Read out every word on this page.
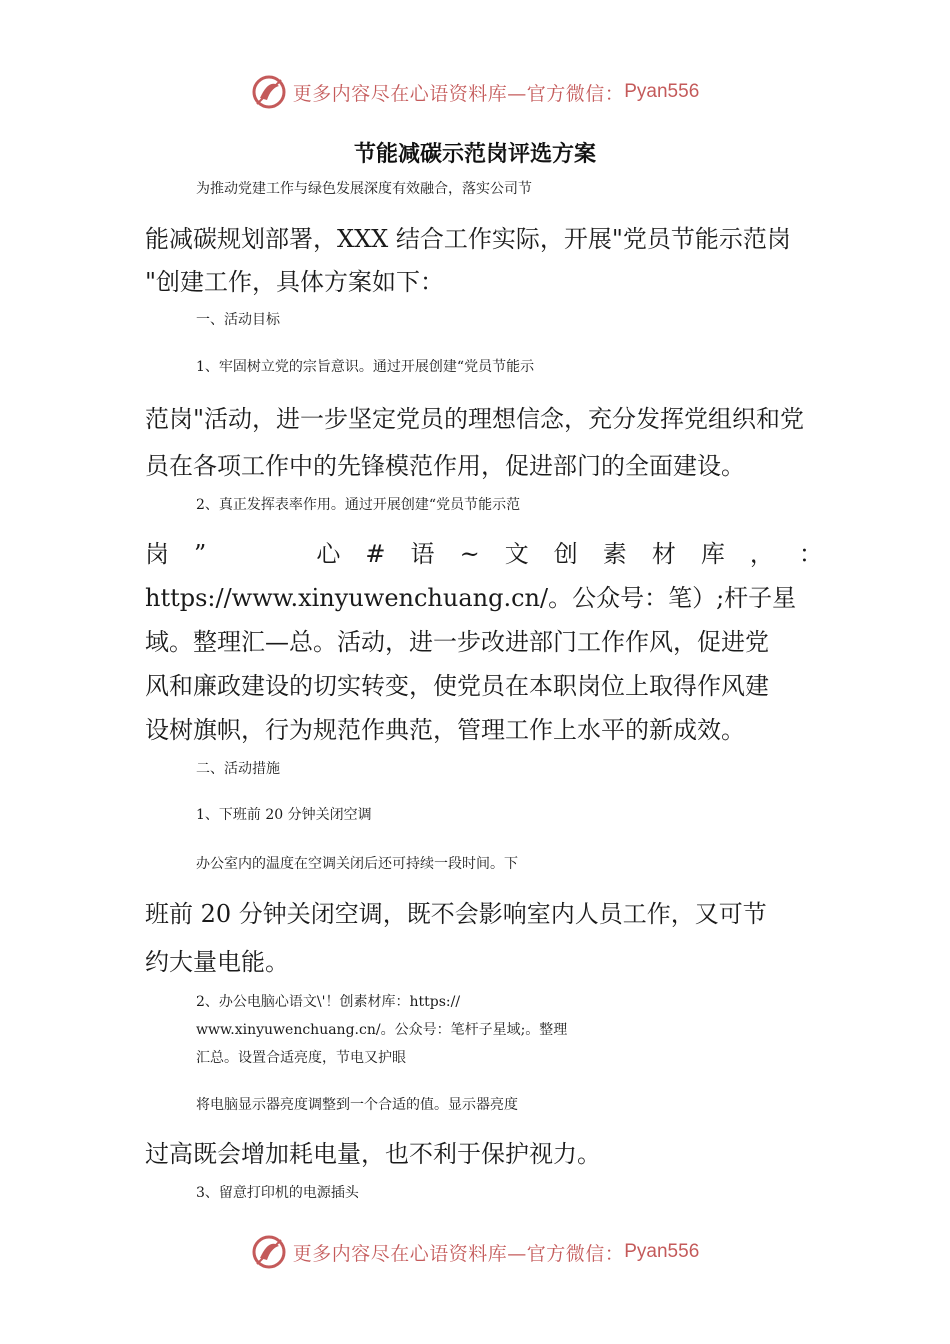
更多内容尽在心语资料库—官方微信： Pyan556
节能减碳示范岗评选方案

为推动党建工作与绿色发展深度有效融合，落实公司节

能减碳规划部署，XXX 结合工作实际，开展"党员节能示范岗

"创建工作，具体方案如下：

一、活动目标

1、牢固树立党的宗旨意识。通过开展创建“党员节能示

范岗"活动，进一步坚定党员的理想信念，充分发挥党组织和党

员在各项工作中的先锋模范作用，促进部门的全面建设。

2、真正发挥表率作用。通过开展创建“党员节能示范

岗 ”	心 # 语 ~ 文 创 素 材 库 ， ：

https://www.xinyuwenchuang.cn/。公众号：笔）;杆子星

域。整理汇—总。活动，进一步改进部门工作作风，促进党

风和廉政建设的切实转变，使党员在本职岗位上取得作风建

设树旗帜，行为规范作典范，管理工作上水平的新成效。

二、活动措施

1、下班前 20 分钟关闭空调

办公室内的温度在空调关闭后还可持续一段时间。下

班前 20 分钟关闭空调，既不会影响室内人员工作，又可节

约大量电能。

2、办公电脑心语文\'！创素材库：https://

www.xinyuwenchuang.cn/。公众号：笔杆子星域;。整理

汇总。设置合适亮度，节电又护眼

将电脑显示器亮度调整到一个合适的值。显示器亮度

过高既会增加耗电量，也不利于保护视力。

3、留意打印机的电源插头

更多内容尽在心语资料库—官方微信： Pyan556
